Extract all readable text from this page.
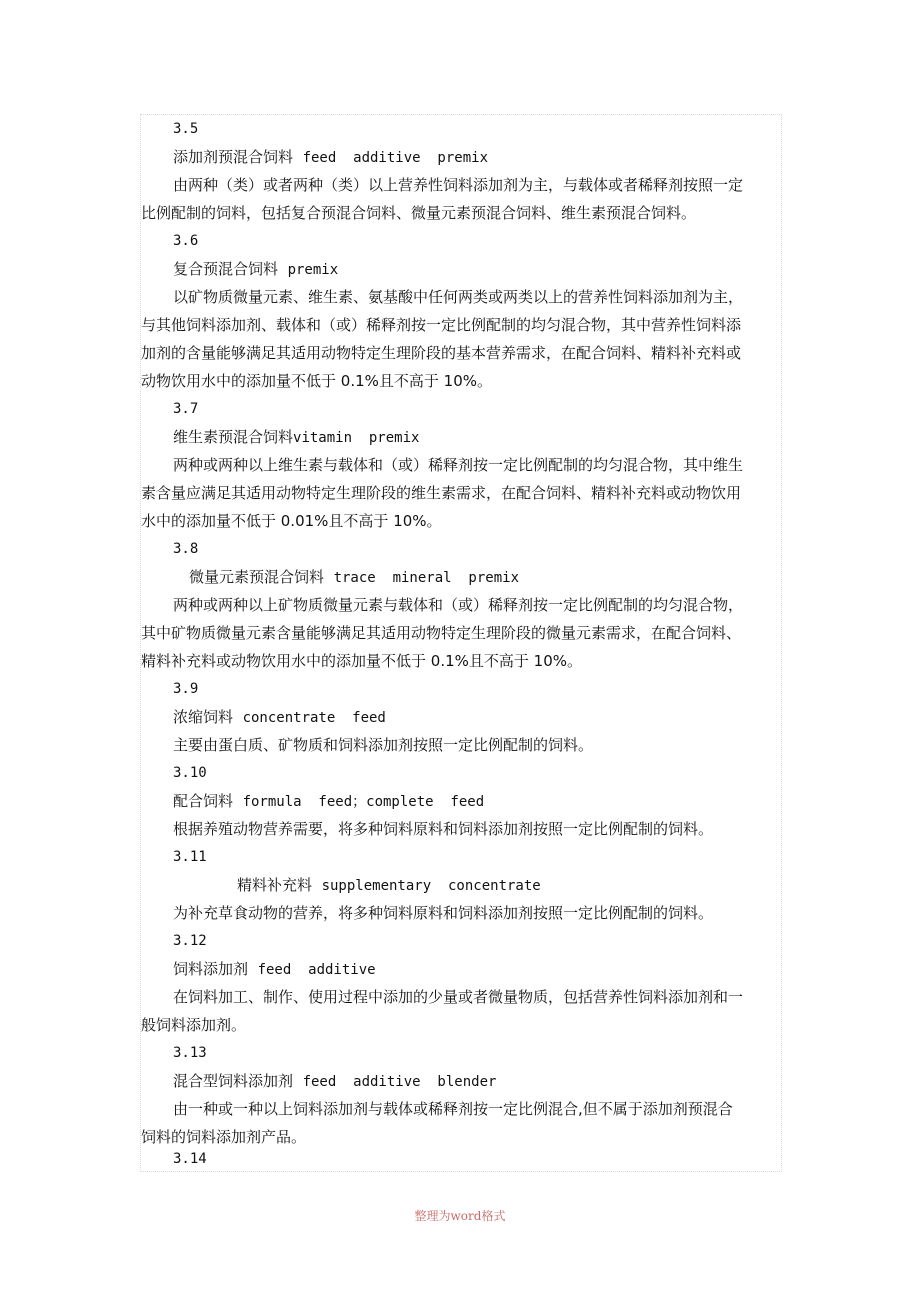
3.5
添加剂预混合饲料 feed  additive  premix
由两种（类）或者两种（类）以上营养性饲料添加剂为主，与载体或者稀释剂按照一定
比例配制的饲料，包括复合预混合饲料、微量元素预混合饲料、维生素预混合饲料。
3.6
复合预混合饲料 premix
以矿物质微量元素、维生素、氨基酸中任何两类或两类以上的营养性饲料添加剂为主，
与其他饲料添加剂、载体和（或）稀释剂按一定比例配制的均匀混合物，其中营养性饲料添
加剂的含量能够满足其适用动物特定生理阶段的基本营养需求，在配合饲料、精料补充料或
动物饮用水中的添加量不低于 0.1%且不高于 10%。
3.7
维生素预混合饲料vitamin  premix
两种或两种以上维生素与载体和（或）稀释剂按一定比例配制的均匀混合物，其中维生
素含量应满足其适用动物特定生理阶段的维生素需求，在配合饲料、精料补充料或动物饮用
水中的添加量不低于 0.01%且不高于 10%。
3.8
微量元素预混合饲料 trace  mineral  premix
两种或两种以上矿物质微量元素与载体和（或）稀释剂按一定比例配制的均匀混合物，
其中矿物质微量元素含量能够满足其适用动物特定生理阶段的微量元素需求，在配合饲料、
精料补充料或动物饮用水中的添加量不低于 0.1%且不高于 10%。
3.9
浓缩饲料 concentrate  feed
主要由蛋白质、矿物质和饲料添加剂按照一定比例配制的饲料。
3.10
配合饲料 formula  feed；complete  feed
根据养殖动物营养需要，将多种饲料原料和饲料添加剂按照一定比例配制的饲料。
3.11
精料补充料 supplementary  concentrate
为补充草食动物的营养，将多种饲料原料和饲料添加剂按照一定比例配制的饲料。
3.12
饲料添加剂 feed  additive
在饲料加工、制作、使用过程中添加的少量或者微量物质，包括营养性饲料添加剂和一
般饲料添加剂。
3.13
混合型饲料添加剂 feed  additive  blender
由一种或一种以上饲料添加剂与载体或稀释剂按一定比例混合,但不属于添加剂预混合
饲料的饲料添加剂产品。
3.14
整理为word格式
